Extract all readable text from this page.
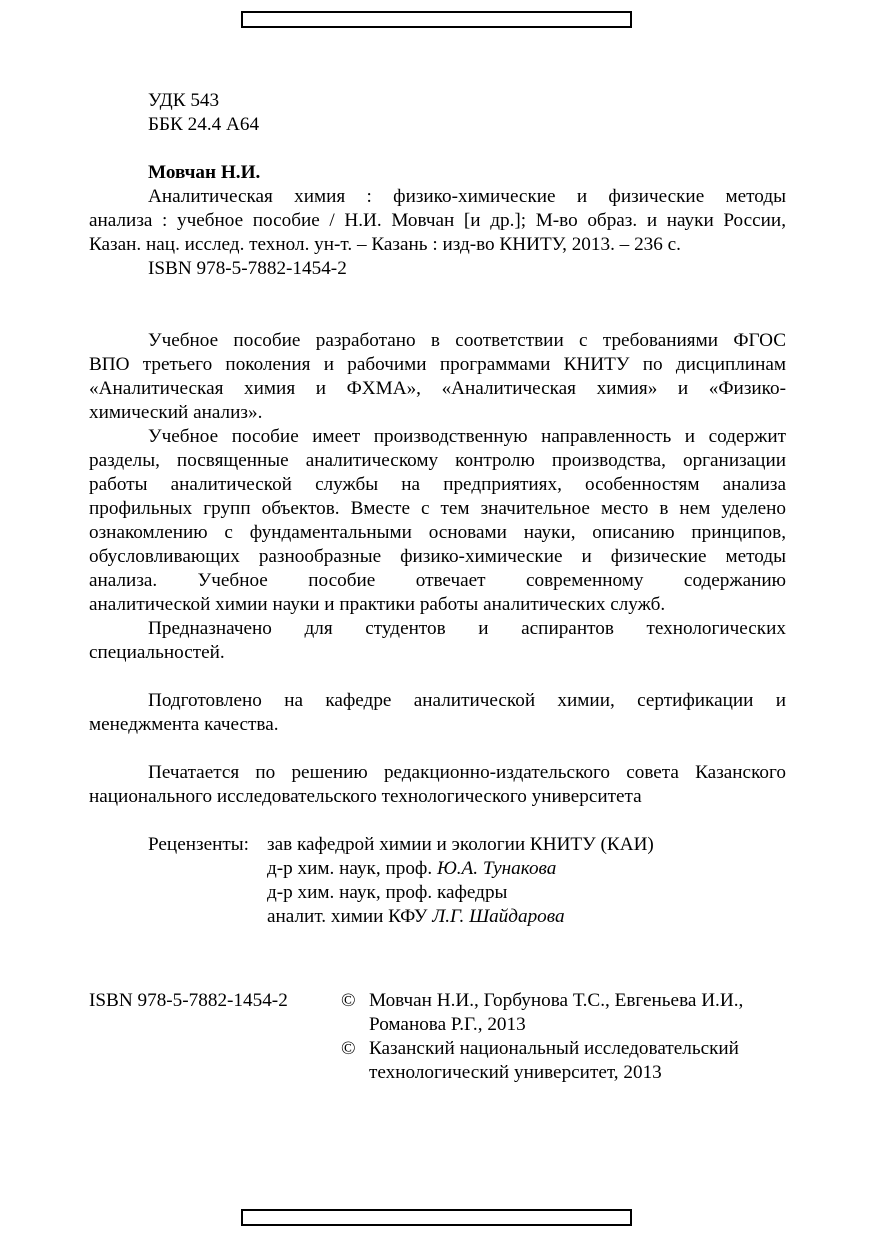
УДК 543
ББК 24.4 А64
Мовчан Н.И.
Аналитическая химия : физико-химические и физические методы
анализа : учебное пособие / Н.И. Мовчан [и др.]; М-во образ. и науки России,
Казан. нац. исслед. технол. ун-т. – Казань : изд-во КНИТУ, 2013. – 236 с.
ISBN 978-5-7882-1454-2
Учебное пособие разработано в соответствии с требованиями ФГОС
ВПО третьего поколения и рабочими программами КНИТУ по дисциплинам
«Аналитическая химия и ФХМА», «Аналитическая химия» и «Физико-
химический анализ».
Учебное пособие имеет производственную направленность и содержит
разделы, посвященные аналитическому контролю производства, организации
работы аналитической службы на предприятиях, особенностям анализа
профильных групп объектов. Вместе с тем значительное место в нем уделено
ознакомлению с фундаментальными основами науки, описанию принципов,
обусловливающих разнообразные физико-химические и физические методы
анализа. Учебное пособие отвечает современному содержанию
аналитической химии науки и практики работы аналитических служб.
Предназначено для студентов и аспирантов технологических
специальностей.
Подготовлено на кафедре аналитической химии, сертификации и
менеджмента качества.
Печатается по решению редакционно-издательского совета Казанского
национального исследовательского технологического университета
Рецензенты: зав кафедрой химии и экологии КНИТУ (КАИ)
д-р хим. наук, проф. Ю.А. Тунакова
д-р хим. наук, проф. кафедры
аналит. химии КФУ Л.Г. Шайдарова
ISBN 978-5-7882-1454-2	© Мовчан Н.И., Горбунова Т.С., Евгеньева И.И.,
Романова Р.Г., 2013
© Казанский национальный исследовательский
технологический университет, 2013
